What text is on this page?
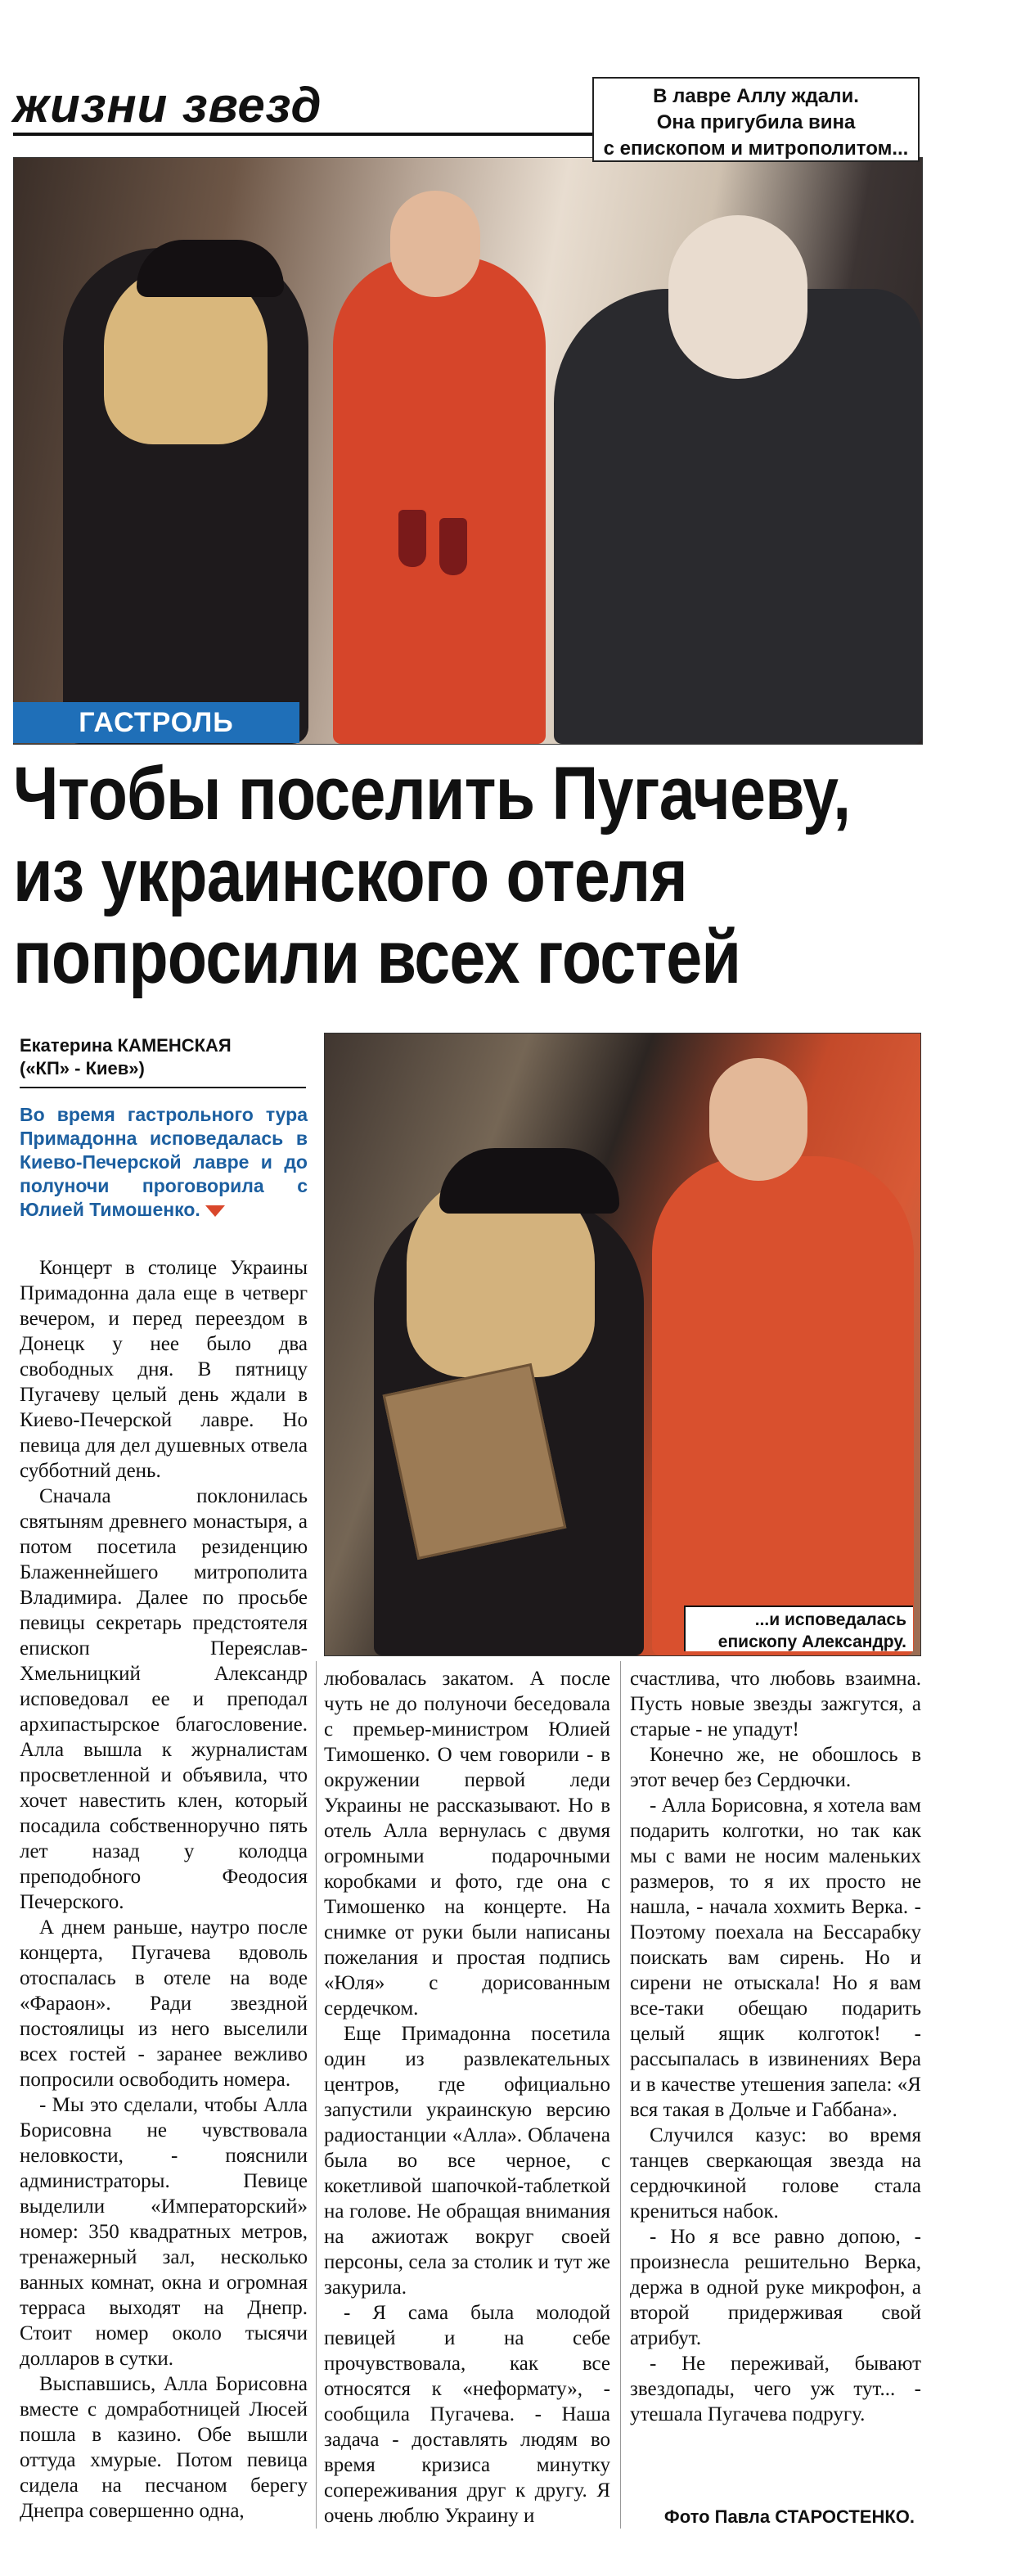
жизни звезд	В лавре Аллу ждали.
Она пригубила вина
с епископом и митрополитом...
ГАСТРОЛЬ
Чтобы поселить Пугачеву,
из украинского отеля
попросили всех гостей
Екатерина КАМЕНСКАЯ
(«КП» - Киев»)
Во время гастрольного тура Примадонна исповедалась в Киево-Печерской лавре и до полуночи проговорила с Юлией Тимошенко.
...и исповедалась
епископу Александру.

Концерт в столице Украины Примадонна дала еще в четверг вечером, и перед переездом в Донецк у нее было два свободных дня. В пятницу Пугачеву целый день ждали в Киево-Печерской лавре. Но певица для дел душевных отвела субботний день.

Сначала поклонилась святыням древнего монастыря, а потом посетила резиденцию Блаженнейшего митрополита Владимира. Далее по просьбе певицы секретарь предстоятеля епископ Переяслав-Хмельницкий Александр исповедовал ее и преподал архипастырское благословение. Алла вышла к журналистам просветленной и объявила, что хочет навестить клен, который посадила собственноручно пять лет назад у колодца преподобного Феодосия Печерского.

А днем раньше, наутро после концерта, Пугачева вдоволь отоспалась в отеле на воде «Фараон». Ради звездной постоялицы из него выселили всех гостей - заранее вежливо попросили освободить номера.

- Мы это сделали, чтобы Алла Борисовна не чувствовала неловкости, - пояснили администраторы. Певице выделили «Императорский» номер: 350 квадратных метров, тренажерный зал, несколько ванных комнат, окна и огромная терраса выходят на Днепр. Стоит номер около тысячи долларов в сутки.

Выспавшись, Алла Борисовна вместе с домработницей Люсей пошла в казино. Обе вышли оттуда хмурые. Потом певица сидела на песчаном берегу Днепра совершенно одна,

любовалась закатом. А после чуть не до полуночи беседовала с премьер-министром Юлией Тимошенко. О чем говорили - в окружении первой леди Украины не рассказывают. Но в отель Алла вернулась с двумя огромными подарочными коробками и фото, где она с Тимошенко на концерте. На снимке от руки были написаны пожелания и простая подпись «Юля» с дорисованным сердечком.

Еще Примадонна посетила один из развлекательных центров, где официально запустили украинскую версию радиостанции «Алла». Облачена была во все черное, с кокетливой шапочкой-таблеткой на голове. Не обращая внимания на ажиотаж вокруг своей персоны, села за столик и тут же закурила.

- Я сама была молодой певицей и на себе прочувствовала, как все относятся к «неформату», - сообщила Пугачева. - Наша задача - доставлять людям во время кризиса минутку сопереживания друг к другу. Я очень люблю Украину и

счастлива, что любовь взаимна. Пусть новые звезды зажгутся, а старые - не упадут!

Конечно же, не обошлось в этот вечер без Сердючки.

- Алла Борисовна, я хотела вам подарить колготки, но так как мы с вами не носим маленьких размеров, то я их просто не нашла, - начала хохмить Верка. - Поэтому поехала на Бессарабку поискать вам сирень. Но и сирени не отыскала! Но я вам все-таки обещаю подарить целый ящик колготок! - рассыпалась в извинениях Вера и в качестве утешения запела: «Я вся такая в Дольче и Габбана».

Случился казус: во время танцев сверкающая звезда на сердючкиной голове стала крениться набок.

- Но я все равно допою, - произнесла решительно Верка, держа в одной руке микрофон, а второй придерживая свой атрибут.

- Не переживай, бывают звездопады, чего уж тут... - утешала Пугачева подругу.

Фото Павла СТАРОСТЕНКО.
